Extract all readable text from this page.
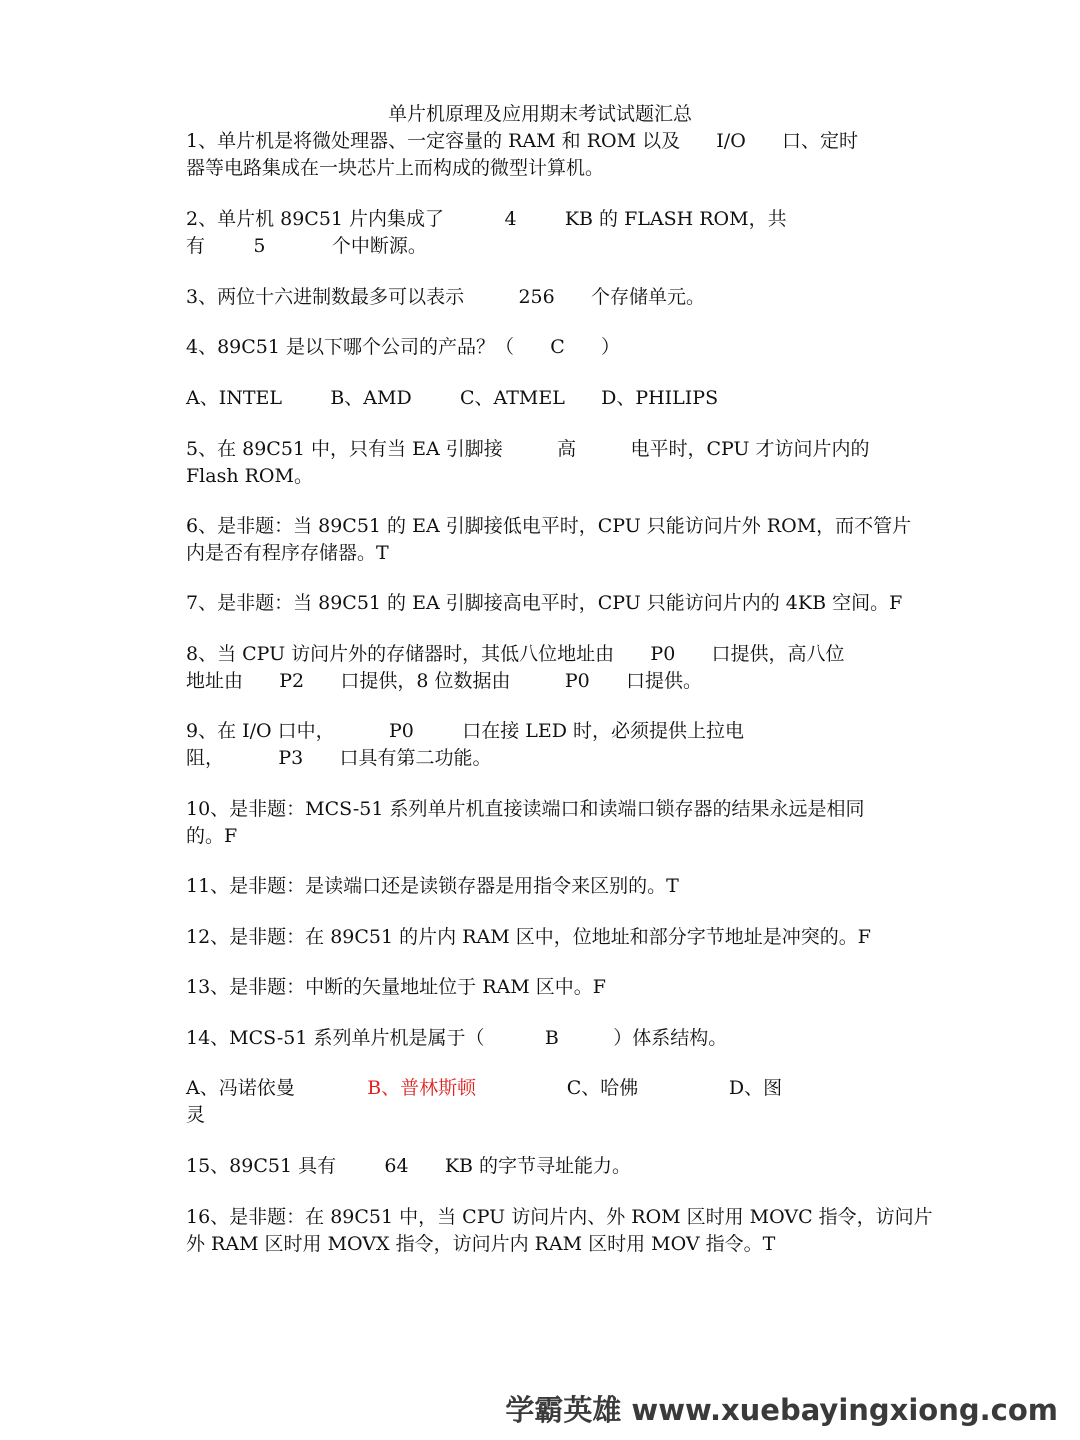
单片机原理及应用期末考试试题汇总
1、单片机是将微处理器、一定容量的 RAM 和 ROM 以及      I/O      口、定时
器等电路集成在一块芯片上而构成的微型计算机。
2、单片机 89C51 片内集成了          4        KB 的 FLASH ROM，共
有        5           个中断源。
3、两位十六进制数最多可以表示         256      个存储单元。
4、89C51 是以下哪个公司的产品？（      C      ）
A、INTEL        B、AMD        C、ATMEL      D、PHILIPS
5、在 89C51 中，只有当 EA 引脚接         高         电平时，CPU 才访问片内的
Flash ROM。
6、是非题：当 89C51 的 EA 引脚接低电平时，CPU 只能访问片外 ROM，而不管片
内是否有程序存储器。T
7、是非题：当 89C51 的 EA 引脚接高电平时，CPU 只能访问片内的 4KB 空间。F
8、当 CPU 访问片外的存储器时，其低八位地址由      P0      口提供，高八位
地址由      P2      口提供，8 位数据由         P0      口提供。
9、在 I/O 口中，         P0        口在接 LED 时，必须提供上拉电
阻，         P3      口具有第二功能。
10、是非题：MCS-51 系列单片机直接读端口和读端口锁存器的结果永远是相同
的。F
11、是非题：是读端口还是读锁存器是用指令来区别的。T
12、是非题：在 89C51 的片内 RAM 区中，位地址和部分字节地址是冲突的。F
13、是非题：中断的矢量地址位于 RAM 区中。F
14、MCS-51 系列单片机是属于（          B         ）体系结构。
A、冯诺依曼            B、普林斯顿               C、哈佛               D、图
灵
15、89C51 具有        64      KB 的字节寻址能力。
16、是非题：在 89C51 中，当 CPU 访问片内、外 ROM 区时用 MOVC 指令，访问片
外 RAM 区时用 MOVX 指令，访问片内 RAM 区时用 MOV 指令。T
学霸英雄 www.xuebayingxiong.com
